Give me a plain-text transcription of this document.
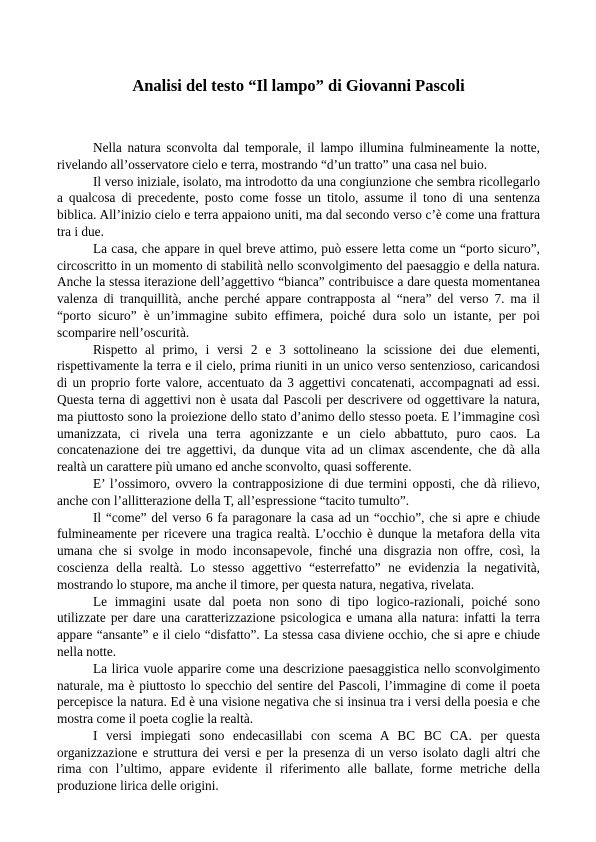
Analisi del testo “Il lampo” di Giovanni Pascoli

Nella natura sconvolta dal temporale, il lampo illumina fulmineamente la notte, rivelando all’osservatore cielo e terra, mostrando “d’un tratto” una casa nel buio.

Il verso iniziale, isolato, ma introdotto da una congiunzione che sembra ricollegarlo a qualcosa di precedente, posto come fosse un titolo, assume il tono di una sentenza biblica. All’inizio cielo e terra appaiono uniti, ma dal secondo verso c’è come una frattura tra i due.

La casa, che appare in quel breve attimo, può essere letta come un “porto sicuro”, circoscritto in un momento di stabilità nello sconvolgimento del paesaggio e della natura. Anche la stessa iterazione dell’aggettivo “bianca” contribuisce a dare questa momentanea valenza di tranquillità, anche perché appare contrapposta al “nera” del verso 7. ma il “porto sicuro” è un’immagine subito effimera, poiché dura solo un istante, per poi scomparire nell’oscurità.

Rispetto al primo, i versi 2 e 3 sottolineano la scissione dei due elementi, rispettivamente la terra e il cielo, prima riuniti in un unico verso sentenzioso, caricandosi di un proprio forte valore, accentuato da 3 aggettivi concatenati, accompagnati ad essi. Questa terna di aggettivi non è usata dal Pascoli per descrivere od oggettivare la natura, ma piuttosto sono la proiezione dello stato d’animo dello stesso poeta. E l’immagine così umanizzata, ci rivela una terra agonizzante e un cielo abbattuto, puro caos. La concatenazione dei tre aggettivi, da dunque vita ad un climax ascendente, che dà alla realtà un carattere più umano ed anche sconvolto, quasi sofferente.

E’ l’ossimoro, ovvero la contrapposizione di due termini opposti, che dà rilievo, anche con l’allitterazione della T, all’espressione “tacito tumulto”.

Il “come” del verso 6 fa paragonare la casa ad un “occhio”, che si apre e chiude fulmineamente per ricevere una tragica realtà. L’occhio è dunque la metafora della vita umana che si svolge in modo inconsapevole, finché una disgrazia non offre, così, la coscienza della realtà. Lo stesso aggettivo “esterrefatto” ne evidenzia la negatività, mostrando lo stupore, ma anche il timore, per questa natura, negativa, rivelata.

Le immagini usate dal poeta non sono di tipo logico-razionali, poiché sono utilizzate per dare una caratterizzazione psicologica e umana alla natura: infatti la terra appare “ansante” e il cielo “disfatto”. La stessa casa diviene occhio, che si apre e chiude nella notte.

La lirica vuole apparire come una descrizione paesaggistica nello sconvolgimento naturale, ma è piuttosto lo specchio del sentire del Pascoli, l’immagine di come il poeta percepisce la natura. Ed è una visione negativa che si insinua tra i versi della poesia e che mostra come il poeta coglie la realtà.

I versi impiegati sono endecasillabi con scema A BC BC CA. per questa organizzazione e struttura dei versi e per la presenza di un verso isolato dagli altri che rima con l’ultimo, appare evidente il riferimento alle ballate, forme metriche della produzione lirica delle origini.
